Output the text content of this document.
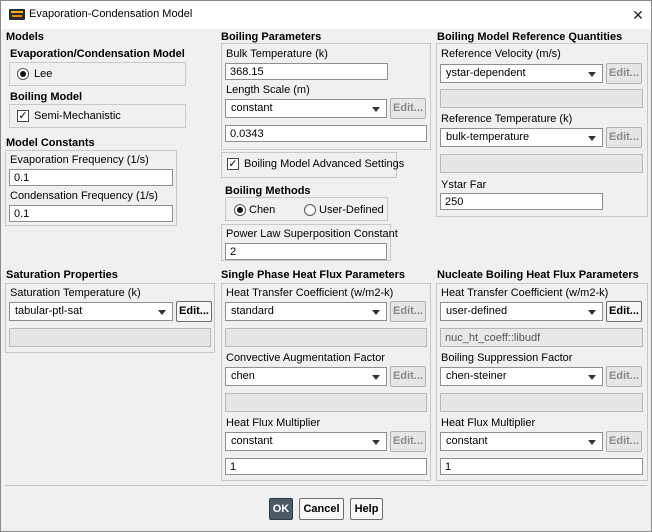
Evaporation-Condensation Model	✕
Models
Evaporation/Condensation Model
Lee
Boiling Model
✓ Semi-Mechanistic
Model Constants
Evaporation Frequency (1/s)
0.1
Condensation Frequency (1/s)
0.1
Saturation Properties
Saturation Temperature (k)
tabular-ptl-sat	Edit...
Boiling Parameters
Bulk Temperature (k)
368.15
Length Scale (m)
constant	Edit...
0.0343
✓ Boiling Model Advanced Settings
Boiling Methods
Chen	User-Defined
Power Law Superposition Constant
2
Single Phase Heat Flux Parameters
Heat Transfer Coefficient (w/m2-k)
standard	Edit...
Convective Augmentation Factor
chen	Edit...
Heat Flux Multiplier
constant	Edit...
1
Boiling Model Reference Quantities
Reference Velocity (m/s)
ystar-dependent	Edit...
Reference Temperature (k)
bulk-temperature	Edit...
Ystar Far
250
Nucleate Boiling Heat Flux Parameters
Heat Transfer Coefficient (w/m2-k)
user-defined	Edit...
nuc_ht_coeff::libudf
Boiling Suppression Factor
chen-steiner	Edit...
Heat Flux Multiplier
constant	Edit...
1
OK	Cancel	Help
